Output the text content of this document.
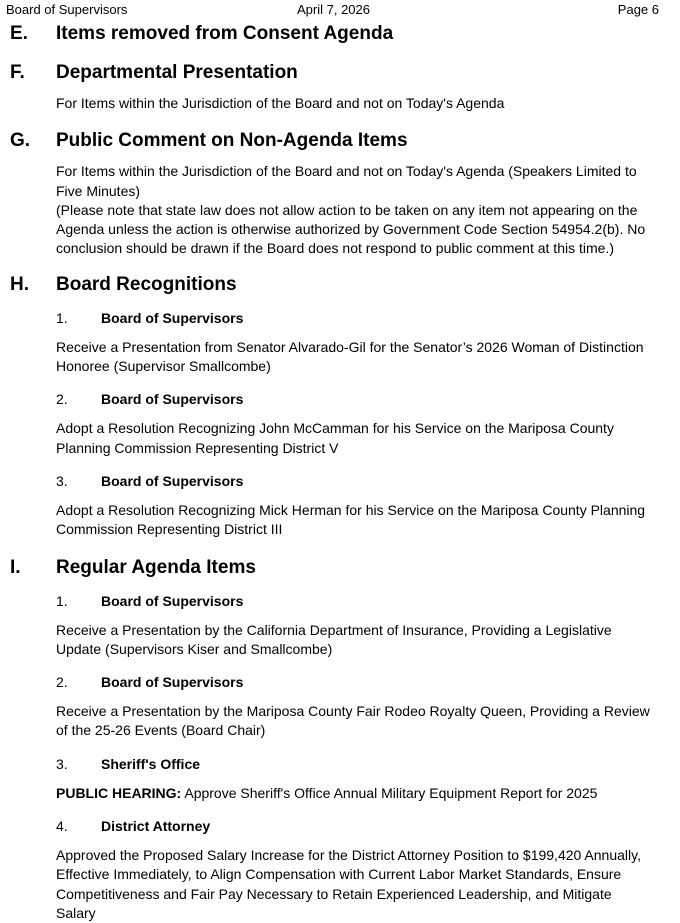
Board of Supervisors	April 7, 2026	Page 6
E. Items removed from Consent Agenda
F. Departmental Presentation
For Items within the Jurisdiction of the Board and not on Today's Agenda
G. Public Comment on Non-Agenda Items
For Items within the Jurisdiction of the Board and not on Today's Agenda (Speakers Limited to Five Minutes)
(Please note that state law does not allow action to be taken on any item not appearing on the Agenda unless the action is otherwise authorized by Government Code Section 54954.2(b). No conclusion should be drawn if the Board does not respond to public comment at this time.)
H. Board Recognitions
1. Board of Supervisors
Receive a Presentation from Senator Alvarado-Gil for the Senator’s 2026 Woman of Distinction Honoree (Supervisor Smallcombe)
2. Board of Supervisors
Adopt a Resolution Recognizing John McCamman for his Service on the Mariposa County Planning Commission Representing District V
3. Board of Supervisors
Adopt a Resolution Recognizing Mick Herman for his Service on the Mariposa County Planning Commission Representing District III
I. Regular Agenda Items
1. Board of Supervisors
Receive a Presentation by the California Department of Insurance, Providing a Legislative Update (Supervisors Kiser and Smallcombe)
2. Board of Supervisors
Receive a Presentation by the Mariposa County Fair Rodeo Royalty Queen, Providing a Review of the 25-26 Events (Board Chair)
3. Sheriff's Office
PUBLIC HEARING: Approve Sheriff's Office Annual Military Equipment Report for 2025
4. District Attorney
Approved the Proposed Salary Increase for the District Attorney Position to $199,420 Annually, Effective Immediately, to Align Compensation with Current Labor Market Standards, Ensure Competitiveness and Fair Pay Necessary to Retain Experienced Leadership, and Mitigate Salary
